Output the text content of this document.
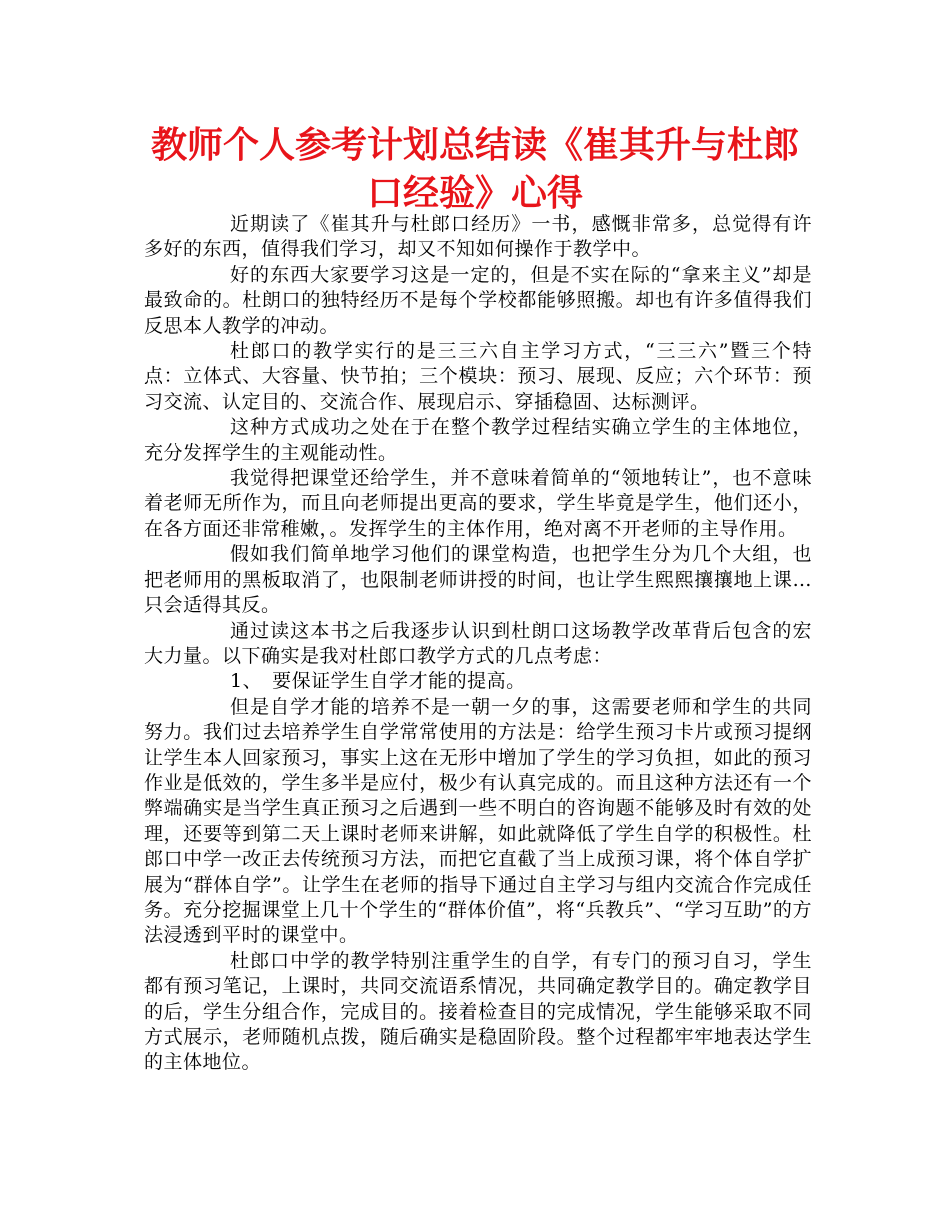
教师个人参考计划总结读《崔其升与杜郎口经验》心得

近期读了《崔其升与杜郎口经历》一书，感慨非常多，总觉得有许多好的东西，值得我们学习，却又不知如何操作于教学中。

好的东西大家要学习这是一定的，但是不实在际的“拿来主义”却是最致命的。杜朗口的独特经历不是每个学校都能够照搬。却也有许多值得我们反思本人教学的冲动。

杜郎口的教学实行的是三三六自主学习方式，“三三六”暨三个特点：立体式、大容量、快节拍；三个模块：预习、展现、反应；六个环节：预习交流、认定目的、交流合作、展现启示、穿插稳固、达标测评。

这种方式成功之处在于在整个教学过程结实确立学生的主体地位，充分发挥学生的主观能动性。

我觉得把课堂还给学生，并不意味着简单的“领地转让”，也不意味着老师无所作为，而且向老师提出更高的要求，学生毕竟是学生，他们还小，在各方面还非常稚嫩，。发挥学生的主体作用，绝对离不开老师的主导作用。

假如我们简单地学习他们的课堂构造，也把学生分为几个大组，也把老师用的黑板取消了，也限制老师讲授的时间，也让学生熙熙攘攘地上课…只会适得其反。

通过读这本书之后我逐步认识到杜朗口这场教学改革背后包含的宏大力量。以下确实是我对杜郎口教学方式的几点考虑：

1、　要保证学生自学才能的提高。

但是自学才能的培养不是一朝一夕的事，这需要老师和学生的共同努力。我们过去培养学生自学常常使用的方法是：给学生预习卡片或预习提纲让学生本人回家预习，事实上这在无形中增加了学生的学习负担，如此的预习作业是低效的，学生多半是应付，极少有认真完成的。而且这种方法还有一个弊端确实是当学生真正预习之后遇到一些不明白的咨询题不能够及时有效的处理，还要等到第二天上课时老师来讲解，如此就降低了学生自学的积极性。杜郎口中学一改正去传统预习方法，而把它直截了当上成预习课，将个体自学扩展为“群体自学”。让学生在老师的指导下通过自主学习与组内交流合作完成任务。充分挖掘课堂上几十个学生的“群体价值”，将“兵教兵”、“学习互助”的方法浸透到平时的课堂中。

杜郎口中学的教学特别注重学生的自学，有专门的预习自习，学生都有预习笔记，上课时，共同交流语系情况，共同确定教学目的。确定教学目的后，学生分组合作，完成目的。接着检查目的完成情况，学生能够采取不同方式展示，老师随机点拨，随后确实是稳固阶段。整个过程都牢牢地表达学生的主体地位。
